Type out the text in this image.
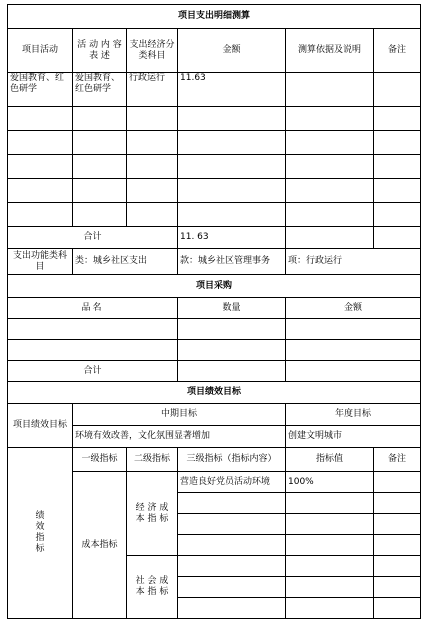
项目支出明细测算					
项目活动	活 动 内 容 表 述	支出经济分类科目	金额	测算依据及说明	备注
爱国教育、红色研学	爱国教育、红色研学	行政运行	11.63		

合计			11. 63		
支出功能类科目	类：城乡社区支出		款：城乡社区管理事务	项：行政运行	
项目采购					
品名			数量	金额	

合计					
项目绩效目标					
项目绩效目标	中期目标			年度目标	
	环境有效改善，文化氛围显著增加			创建文明城市	

绩效指标	一级指标	二级指标	三级指标（指标内容）	指标值	备注
	成本指标	经 济 成 本 指 标	营造良好党员活动环境	100%	

		社 会 成 本 指 标			
